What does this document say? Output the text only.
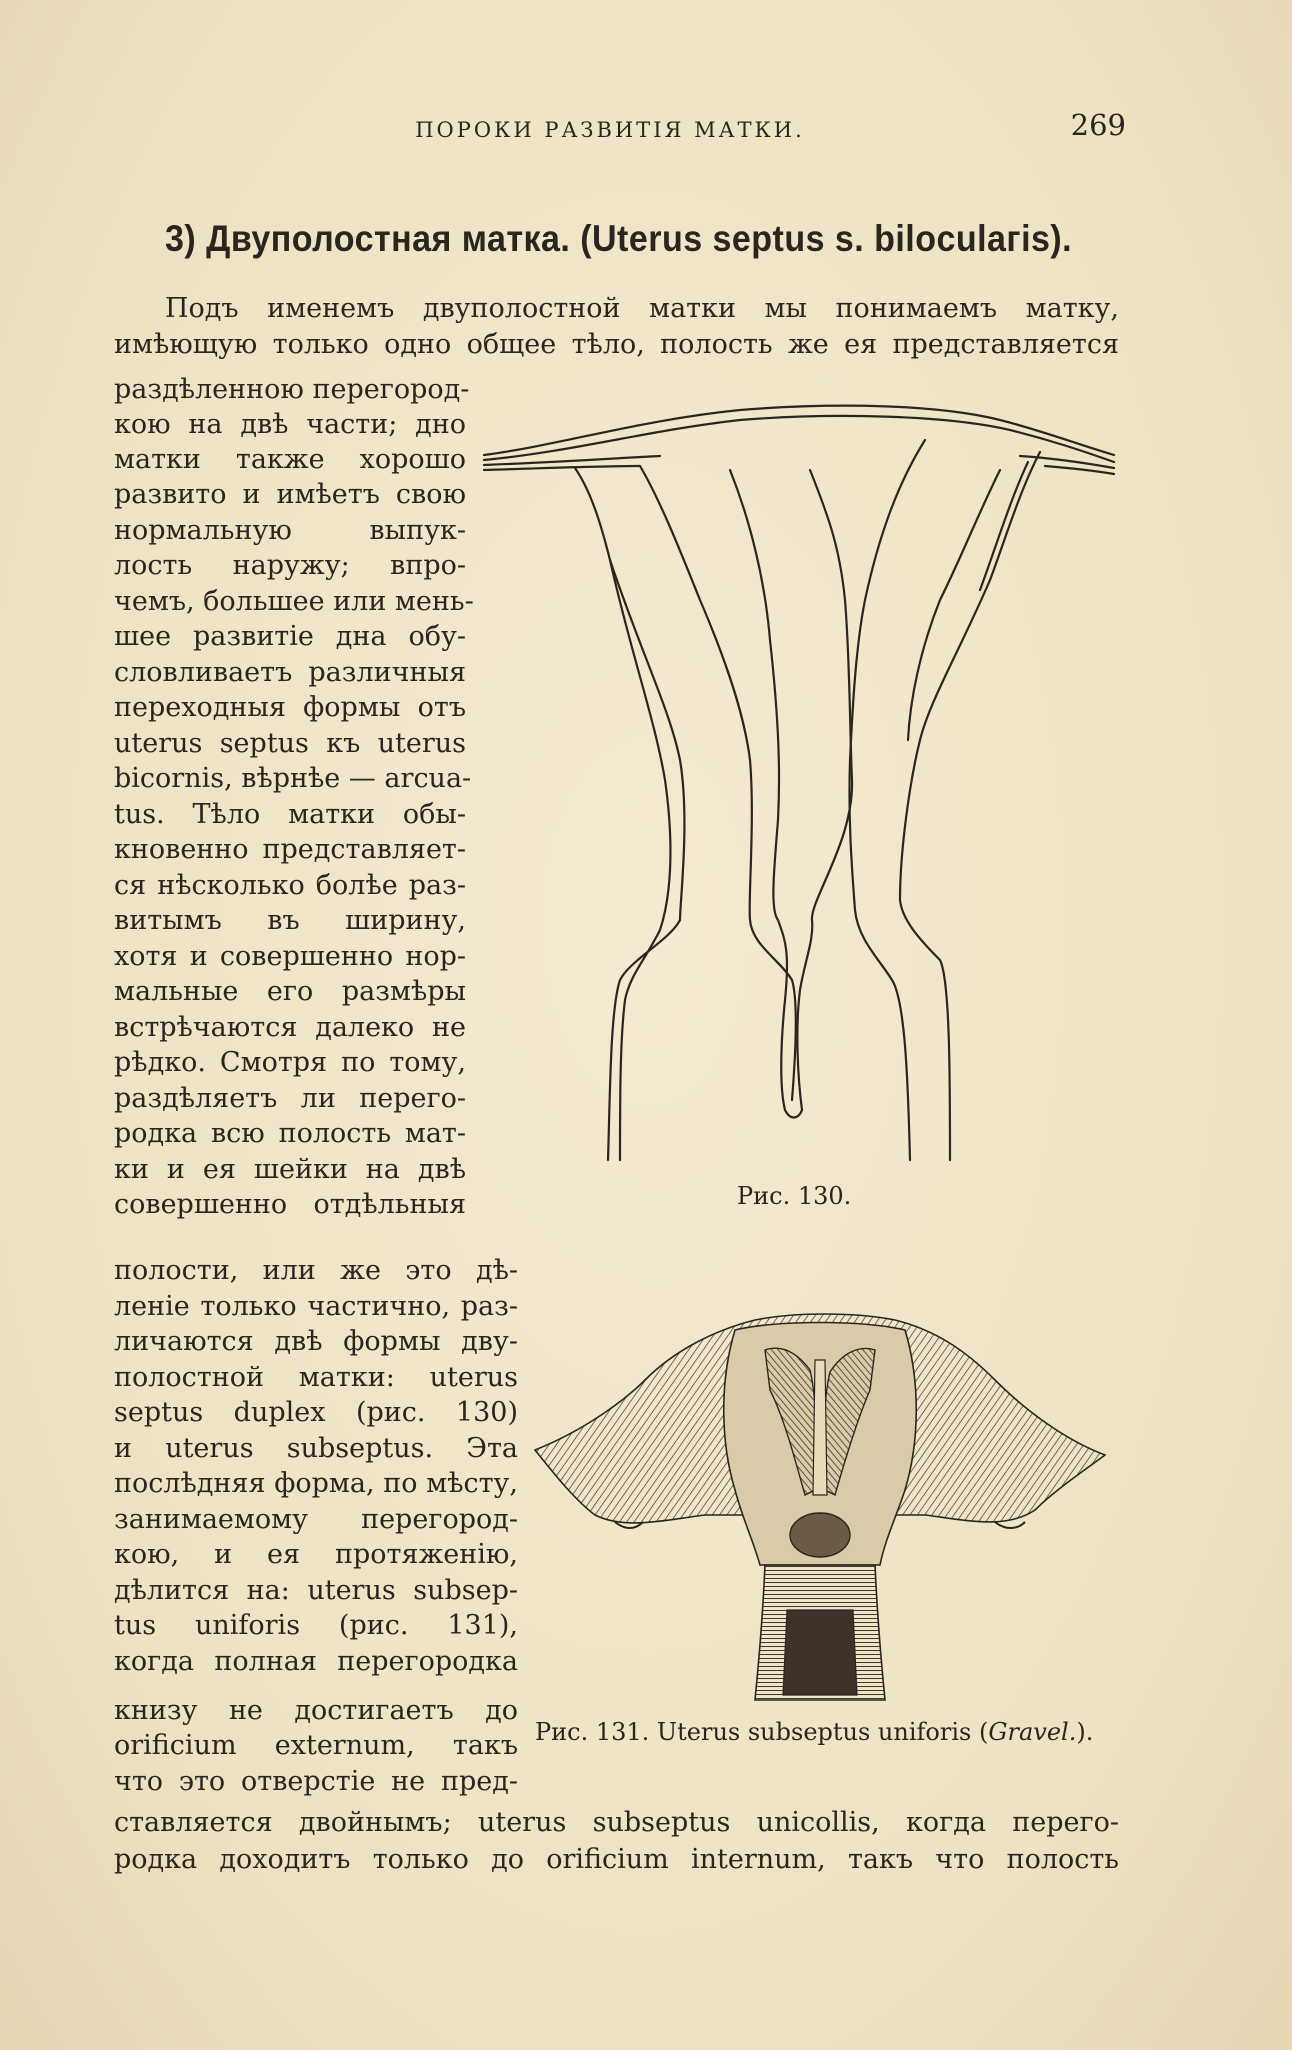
ПОРОКИ РАЗВИТІЯ МАТКИ.	269
3) Двуполостная матка. (Uterus septus s. biloculaгis).
Подъ именемъ двуполостной матки мы понимаемъ матку,
имѣющую только одно общее тѣло, полость же ея представляется
раздѣленною перегород-
кою на двѣ части; дно
матки также хорошо
развито и имѣетъ свою
нормальную выпук-
лость наружу; впро-
чемъ, большее или мень-
шее развитіе дна обу-
словливаетъ различныя
переходныя формы отъ
uterus septus къ uterus
bicornis, вѣрнѣе — arcua-
tus. Тѣло матки обы-
кновенно представляет-
ся нѣсколько болѣе раз-
витымъ въ ширину,
хотя и совершенно нор-
мальные его размѣры
встрѣчаются далеко не
рѣдко. Смотря по тому,
раздѣляетъ ли перего-
родка всю полость мат-
ки и ея шейки на двѣ
совершенно отдѣльныя
полости, или же это дѣ-
леніе только частично, раз-
личаются двѣ формы дву-
полостной матки: uterus
septus duplex (рис. 130)
и uterus subseptus. Эта
послѣдняя форма, по мѣсту,
занимаемому перегород-
кою, и ея протяженію,
дѣлится на: uterus subsep-
tus uniforis (рис. 131),
когда полная перегородка
книзу не достигаетъ до
orificium externum, такъ
что это отверстіе не пред-
ставляется двойнымъ; uterus subseptus unicollis, когда перего-
родка доходитъ только до orificium internum, такъ что полость
Рис. 130.
Рис. 131. Uterus subseptus uniforis (Gravel.).
